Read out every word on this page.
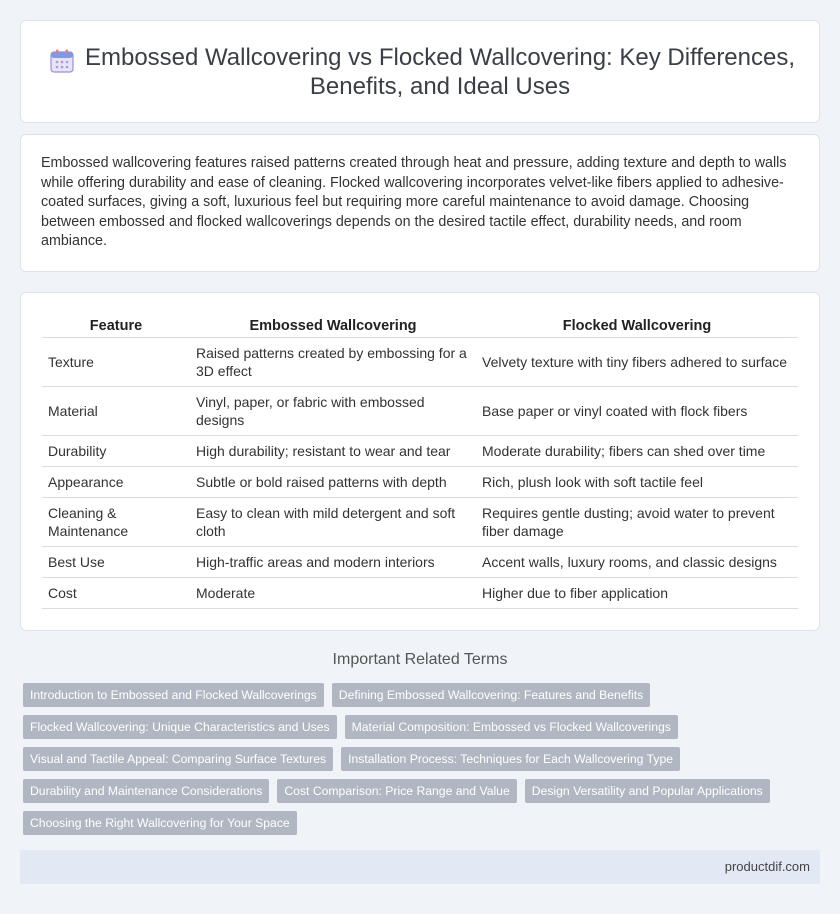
Embossed Wallcovering vs Flocked Wallcovering: Key Differences, Benefits, and Ideal Uses

Embossed wallcovering features raised patterns created through heat and pressure, adding texture and depth to walls while offering durability and ease of cleaning. Flocked wallcovering incorporates velvet-like fibers applied to adhesive-coated surfaces, giving a soft, luxurious feel but requiring more careful maintenance to avoid damage. Choosing between embossed and flocked wallcoverings depends on the desired tactile effect, durability needs, and room ambiance.

Feature	Embossed Wallcovering	Flocked Wallcovering
Texture	Raised patterns created by embossing for a 3D effect	Velvety texture with tiny fibers adhered to surface
Material	Vinyl, paper, or fabric with embossed designs	Base paper or vinyl coated with flock fibers
Durability	High durability; resistant to wear and tear	Moderate durability; fibers can shed over time
Appearance	Subtle or bold raised patterns with depth	Rich, plush look with soft tactile feel
Cleaning & Maintenance	Easy to clean with mild detergent and soft cloth	Requires gentle dusting; avoid water to prevent fiber damage
Best Use	High-traffic areas and modern interiors	Accent walls, luxury rooms, and classic designs
Cost	Moderate	Higher due to fiber application
Important Related Terms
Introduction to Embossed and Flocked Wallcoverings	Defining Embossed Wallcovering: Features and Benefits
Flocked Wallcovering: Unique Characteristics and Uses	Material Composition: Embossed vs Flocked Wallcoverings
Visual and Tactile Appeal: Comparing Surface Textures	Installation Process: Techniques for Each Wallcovering Type
Durability and Maintenance Considerations	Cost Comparison: Price Range and Value	Design Versatility and Popular Applications
Choosing the Right Wallcovering for Your Space
productdif.com
